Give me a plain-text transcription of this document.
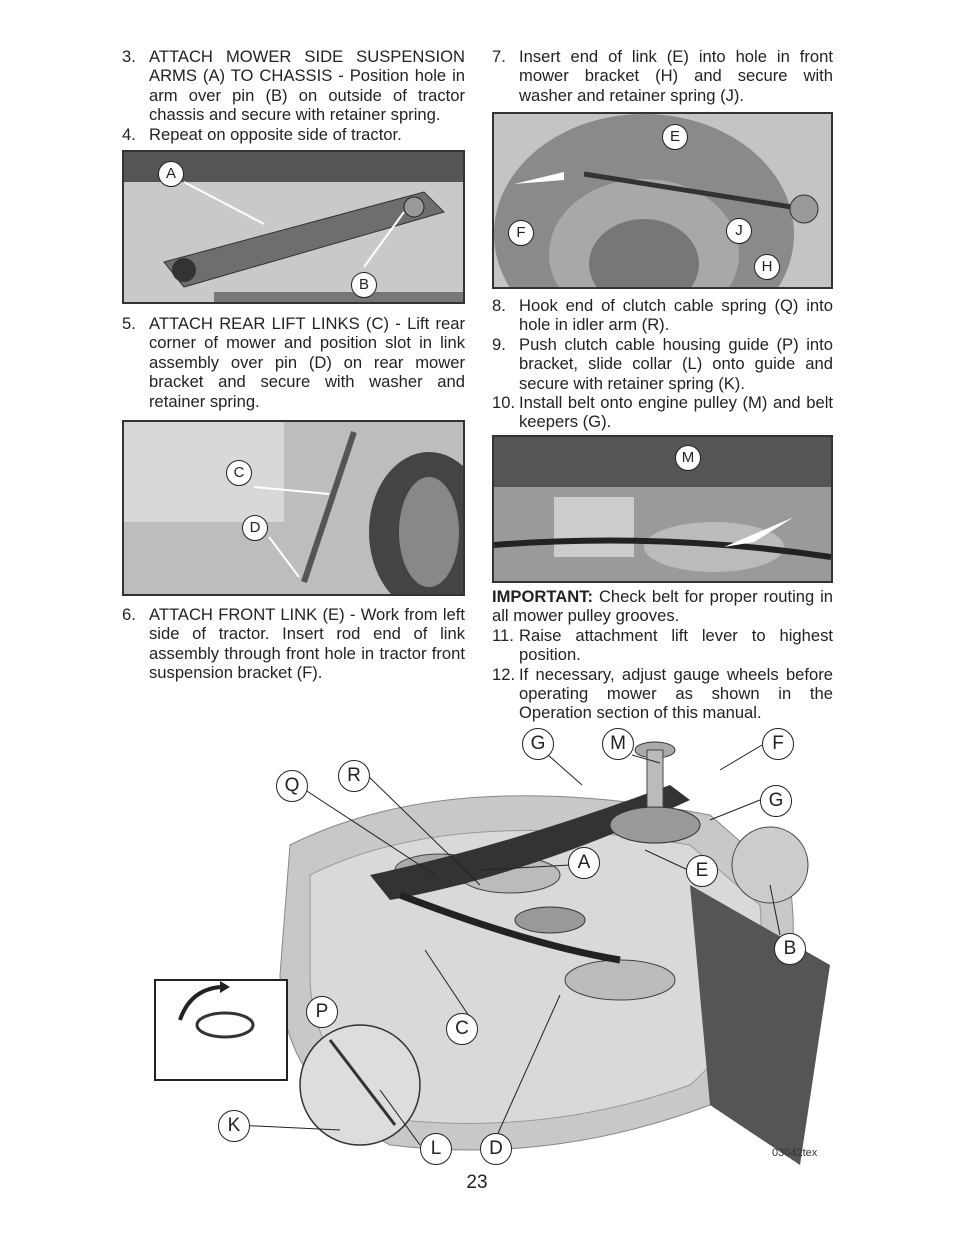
3. ATTACH MOWER SIDE SUSPENSION ARMS (A) TO CHASSIS - Position hole in arm over pin (B) on outside of tractor chassis and secure with retainer spring.
4. Repeat on opposite side of tractor.
A
B
5. ATTACH REAR LIFT LINKS (C) - Lift rear corner of mower and position slot in link assembly over pin (D) on rear mower bracket and secure with washer and retainer spring.
C
D
6. ATTACH FRONT LINK (E) - Work from left side of tractor. Insert rod end of link assembly through front hole in tractor front suspension bracket (F).
7. Insert end of link (E) into hole in front mower bracket (H) and secure with washer and retainer spring (J).
E
F	J
H
8. Hook end of clutch cable spring (Q) into hole in idler arm (R).
9. Push clutch cable housing guide (P) into bracket, slide collar (L) onto guide and secure with retainer spring (K).
10. Install belt onto engine pulley (M) and belt keepers (G).
M

IMPORTANT: Check belt for proper routing in all mower pulley grooves.

11. Raise attachment lift lever to highest position.
12. If necessary, adjust gauge wheels before operating mower as shown in the Operation section of this manual.
G	M	F
Q	R
G
A	E
B
P
C
K
L	D	03042tex
23
